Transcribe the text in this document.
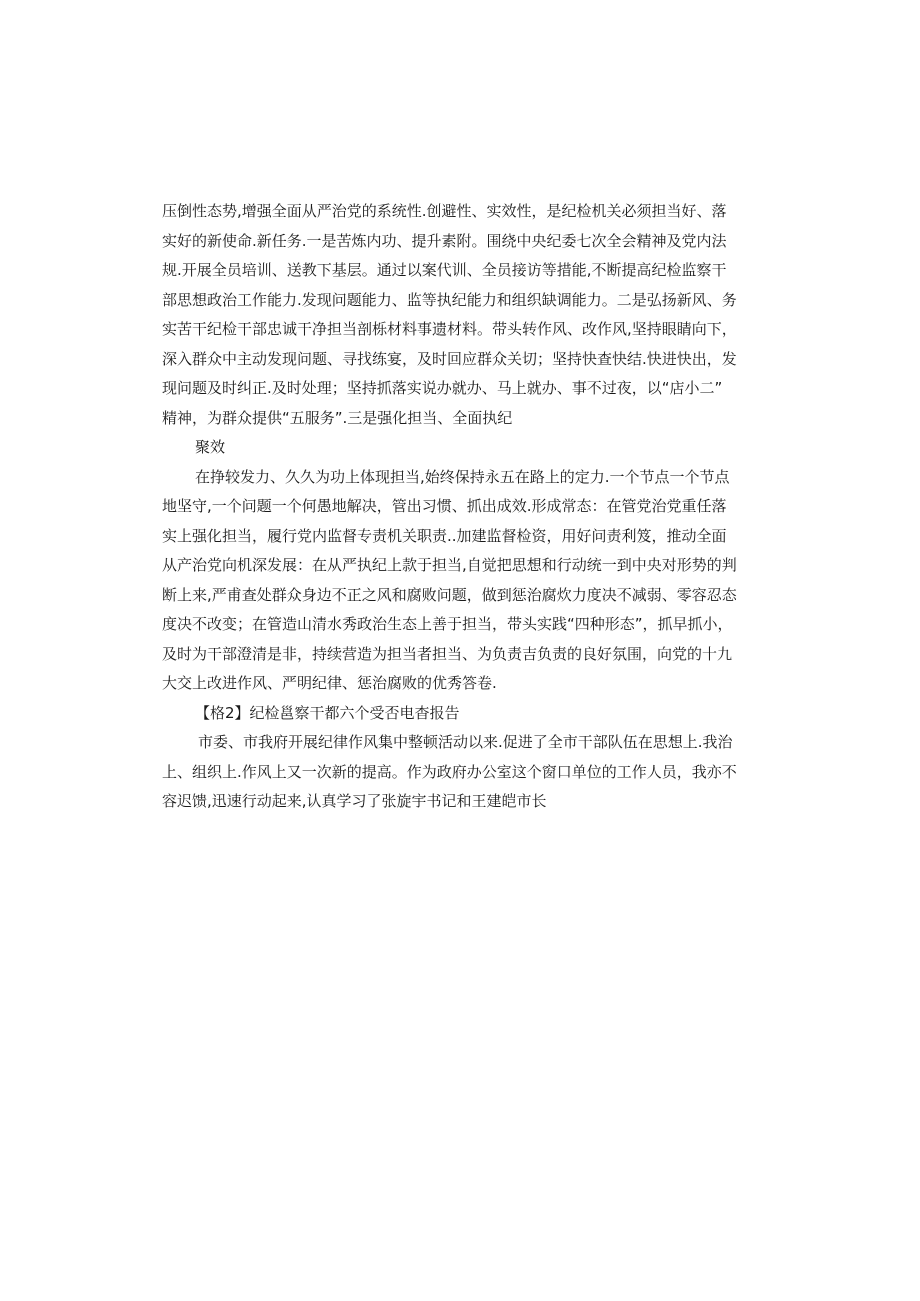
压倒性态势,增强全面从严治党的系统性.创避性、实效性，是纪检机关必须担当好、落
实好的新使命.新任务.一是苦炼内功、提升素附。围绕中央纪委七次全会精神及党内法
规.开展全员培训、送教下基层。通过以案代训、全员接访等措能,不断提高纪检监察干
部思想政治工作能力.发现问题能力、监等执纪能力和组织缺调能力。二是弘扬新风、务
实苦干纪检干部忠诚干净担当剖栎材料事遗材料。带头转作风、改作风,坚持眼睛向下，
深入群众中主动发现问题、寻找练宴，及时回应群众关切；坚持快查快结.快进快出，发
现问题及时纠正.及时处理；坚持抓落实说办就办、马上就办、事不过夜，以“店小二”
精神，为群众提供“五服务”.三是强化担当、全面执纪
聚效
在挣较发力、久久为功上体现担当,始终保持永五在路上的定力.一个节点一个节点
地坚守,一个问题一个何愚地解决，管出习惯、抓出成效.形成常态：在管党治党重任落
实上强化担当，履行党内监督专责机关职责..加建监督检资，用好问责利笈，推动全面
从产治党向机深发展：在从严执纪上款于担当,自觉把思想和行动统一到中央对形势的判
断上来,严甫查处群众身边不正之风和腐败问题，做到惩治腐炊力度决不减弱、零容忍态
度决不改变；在管造山清水秀政治生态上善于担当，带头实践“四种形态”，抓早抓小，
及时为干部澄清是非，持续营造为担当者担当、为负责吉负责的良好氛围，向党的十九
大交上改进作风、严明纪律、惩治腐败的优秀答卷.
【格2】纪检邕察干都六个受否电杳报告
市委、市我府开展纪律作风集中整顿活动以来.促进了全市干部队伍在思想上.我治
上、组织上.作风上又一次新的提高。作为政府办公室这个窗口单位的工作人员，我亦不
容迟馈,迅速行动起来,认真学习了张旋宇书记和王建皑市长
